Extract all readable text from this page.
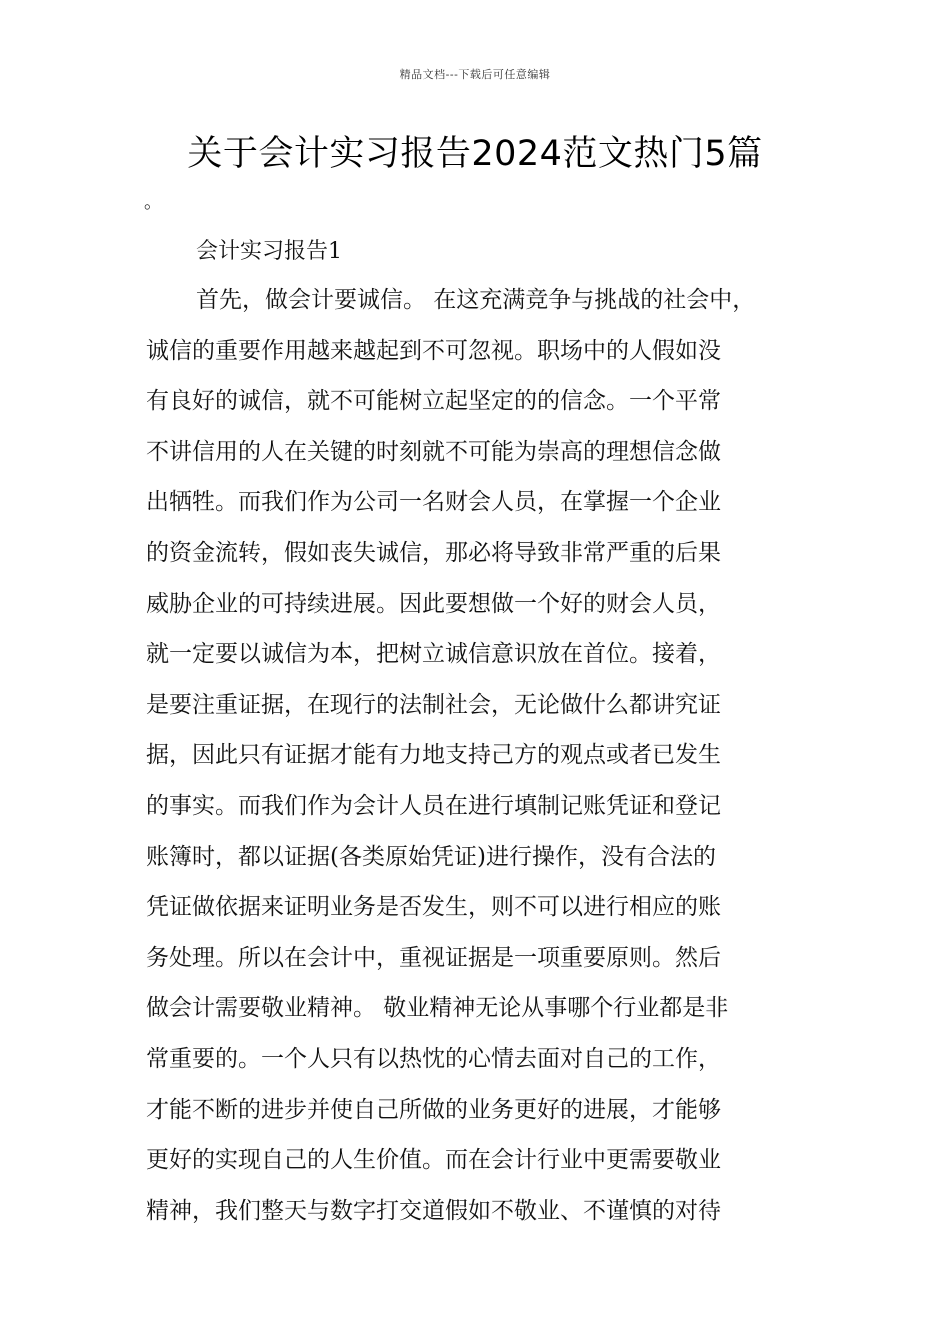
精品文档---下载后可任意编辑
关于会计实习报告2024范文热门5篇
。
会计实习报告1
首先，做会计要诚信。 在这充满竞争与挑战的社会中，
诚信的重要作用越来越起到不可忽视。职场中的人假如没
有良好的诚信，就不可能树立起坚定的的信念。一个平常
不讲信用的人在关键的时刻就不可能为崇高的理想信念做
出牺牲。而我们作为公司一名财会人员，在掌握一个企业
的资金流转，假如丧失诚信，那必将导致非常严重的后果
威胁企业的可持续进展。因此要想做一个好的财会人员，
就一定要以诚信为本，把树立诚信意识放在首位。接着，
是要注重证据，在现行的法制社会，无论做什么都讲究证
据，因此只有证据才能有力地支持己方的观点或者已发生
的事实。而我们作为会计人员在进行填制记账凭证和登记
账簿时，都以证据(各类原始凭证)进行操作，没有合法的
凭证做依据来证明业务是否发生，则不可以进行相应的账
务处理。所以在会计中，重视证据是一项重要原则。然后
做会计需要敬业精神。 敬业精神无论从事哪个行业都是非
常重要的。一个人只有以热忱的心情去面对自己的工作，
才能不断的进步并使自己所做的业务更好的进展，才能够
更好的实现自己的人生价值。而在会计行业中更需要敬业
精神，我们整天与数字打交道假如不敬业、不谨慎的对待
